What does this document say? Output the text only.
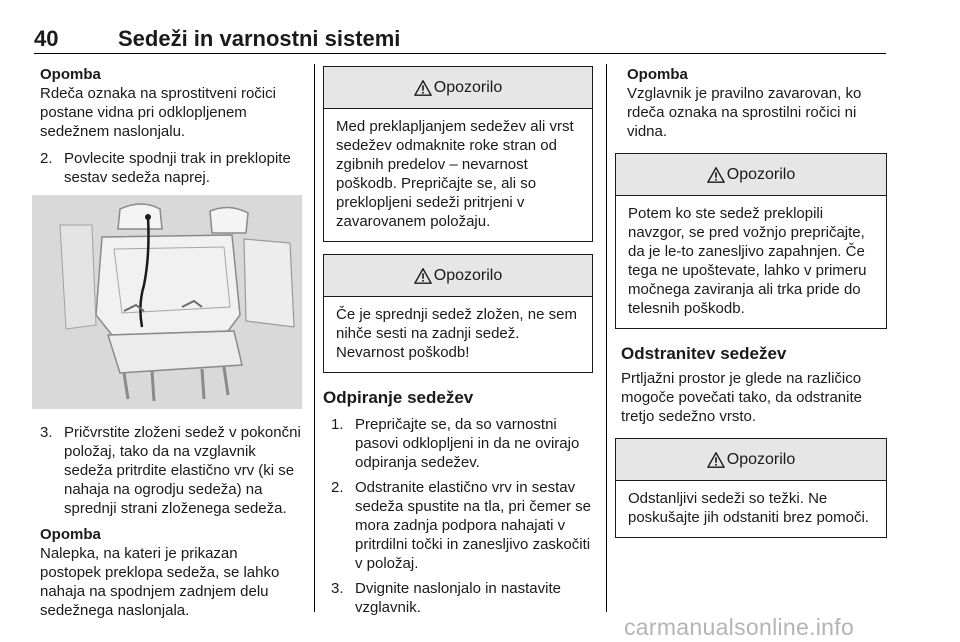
40	Sedeži in varnostni sistemi
Opomba
Rdeča oznaka na sprostitveni ročici postane vidna pri odklopljenem sedežnem naslonjalu.
2. Povlecite spodnji trak in preklopite sestav sedeža naprej.
3. Pričvrstite zloženi sedež v pokončni položaj, tako da na vzglavnik sedeža pritrdite elastično vrv (ki se nahaja na ogrodju sedeža) na sprednji strani zloženega sedeža.
Opomba
Nalepka, na kateri je prikazan postopek preklopa sedeža, se lahko nahaja na spodnjem zadnjem delu sedežnega naslonjala.
Opozorilo
Med preklapljanjem sedežev ali vrst sedežev odmaknite roke stran od zgibnih predelov – nevarnost poškodb. Prepričajte se, ali so preklopljeni sedeži pritrjeni v zavarovanem položaju.
Opozorilo
Če je sprednji sedež zložen, ne sem nihče sesti na zadnji sedež. Nevarnost poškodb!
Odpiranje sedežev
1. Prepričajte se, da so varnostni pasovi odklopljeni in da ne ovirajo odpiranja sedežev.
2. Odstranite elastično vrv in sestav sedeža spustite na tla, pri čemer se mora zadnja podpora nahajati v pritrdilni točki in zanesljivo zaskočiti v položaj.
3. Dvignite naslonjalo in nastavite vzglavnik.
Opomba
Vzglavnik je pravilno zavarovan, ko rdeča oznaka na sprostilni ročici ni vidna.
Opozorilo
Potem ko ste sedež preklopili navzgor, se pred vožnjo prepričajte, da je le-to zanesljivo zapahnjen. Če tega ne upoštevate, lahko v primeru močnega zaviranja ali trka pride do telesnih poškodb.
Odstranitev sedežev
Prtljažni prostor je glede na različico mogoče povečati tako, da odstranite tretjo sedežno vrsto.
Opozorilo
Odstanljivi sedeži so težki. Ne poskušajte jih odstaniti brez pomoči.
carmanualsonline.info
